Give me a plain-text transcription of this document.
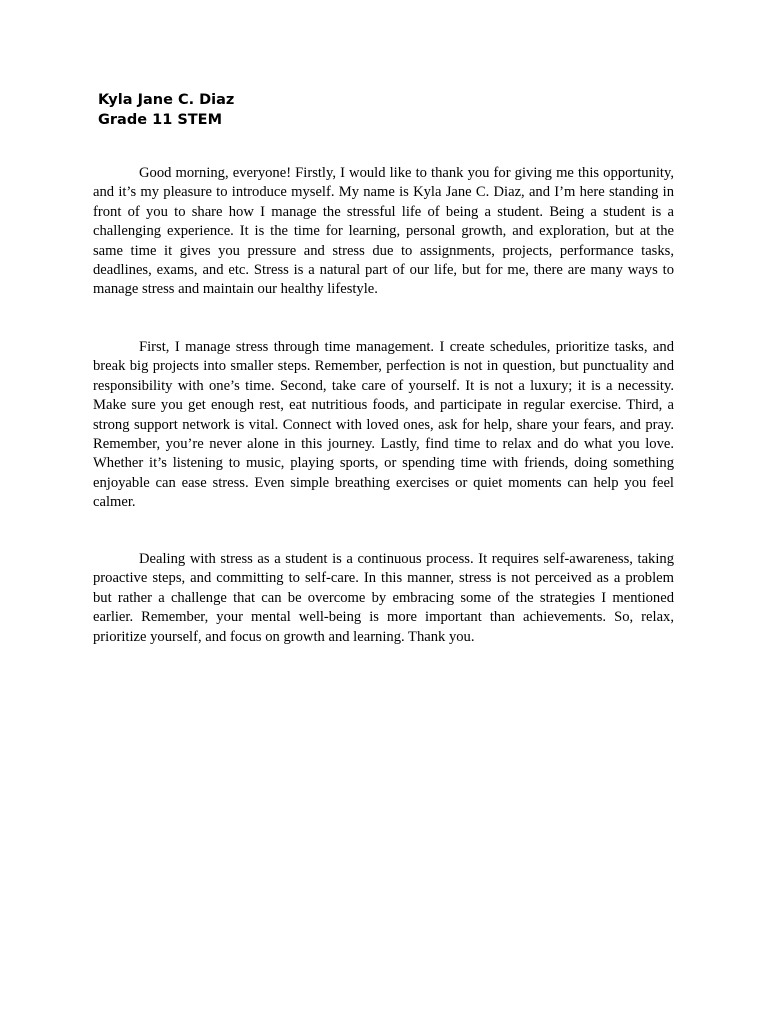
Kyla Jane C. Diaz
Grade 11 STEM

Good morning, everyone! Firstly, I would like to thank you for giving me this opportunity, and it’s my pleasure to introduce myself. My name is Kyla Jane C. Diaz, and I’m here standing in front of you to share how I manage the stressful life of being a student. Being a student is a challenging experience. It is the time for learning, personal growth, and exploration, but at the same time it gives you pressure and stress due to assignments, projects, performance tasks, deadlines, exams, and etc. Stress is a natural part of our life, but for me, there are many ways to manage stress and maintain our healthy lifestyle.

First, I manage stress through time management. I create schedules, prioritize tasks, and break big projects into smaller steps. Remember, perfection is not in question, but punctuality and responsibility with one’s time. Second, take care of yourself. It is not a luxury; it is a necessity. Make sure you get enough rest, eat nutritious foods, and participate in regular exercise. Third, a strong support network is vital. Connect with loved ones, ask for help, share your fears, and pray. Remember, you’re never alone in this journey. Lastly, find time to relax and do what you love. Whether it’s listening to music, playing sports, or spending time with friends, doing something enjoyable can ease stress. Even simple breathing exercises or quiet moments can help you feel calmer.

Dealing with stress as a student is a continuous process. It requires self-awareness, taking proactive steps, and committing to self-care. In this manner, stress is not perceived as a problem but rather a challenge that can be overcome by embracing some of the strategies I mentioned earlier. Remember, your mental well-being is more important than achievements. So, relax, prioritize yourself, and focus on growth and learning. Thank you.
